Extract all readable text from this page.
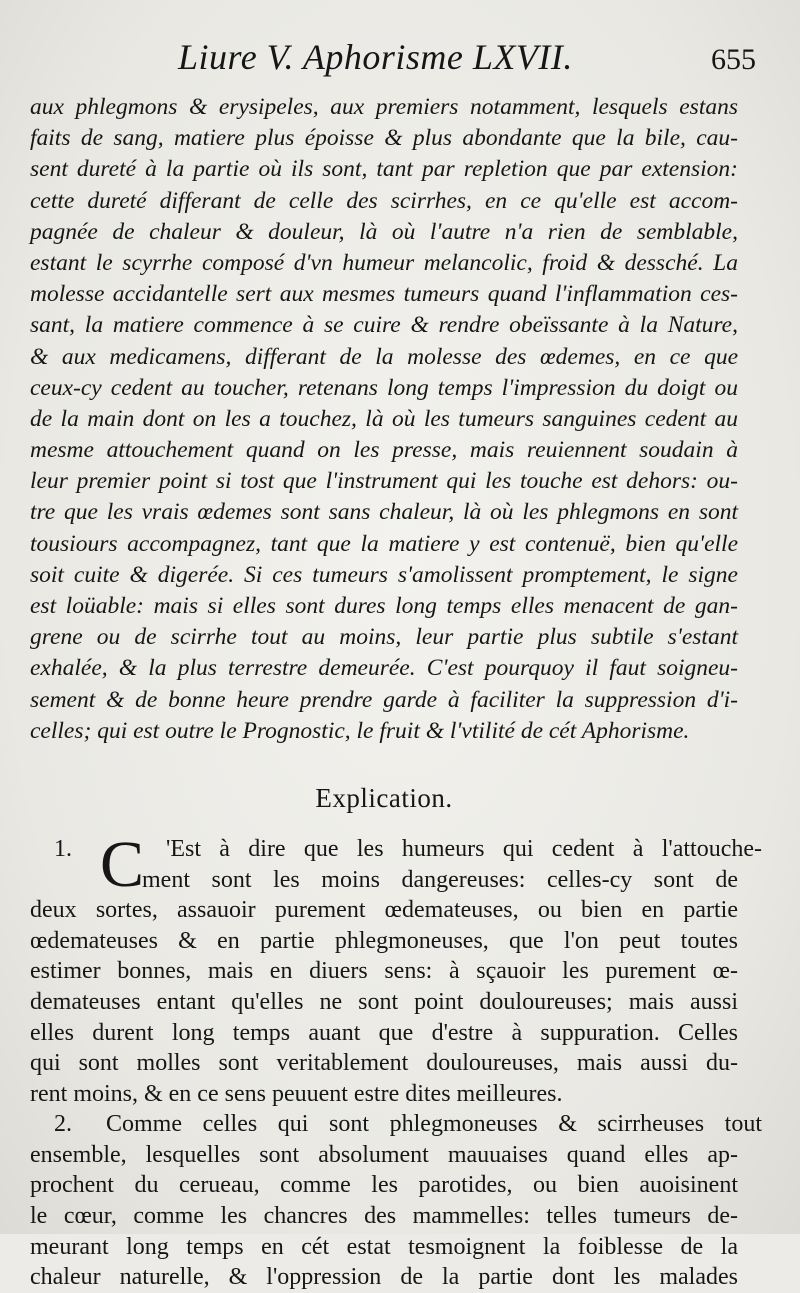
Liure V. Aphorisme LXVII.	655
aux phlegmons & erysipeles, aux premiers notamment, lesquels estans
faits de sang, matiere plus époisse & plus abondante que la bile, cau-
sent dureté à la partie où ils sont, tant par repletion que par extension:
cette dureté differant de celle des scirrhes, en ce qu'elle est accom-
pagnée de chaleur & douleur, là où l'autre n'a rien de semblable,
estant le scyrrhe composé d'vn humeur melancolic, froid & dessché. La
molesse accidantelle sert aux mesmes tumeurs quand l'inflammation ces-
sant, la matiere commence à se cuire & rendre obeïssante à la Nature,
& aux medicamens, differant de la molesse des œdemes, en ce que
ceux-cy cedent au toucher, retenans long temps l'impression du doigt ou
de la main dont on les a touchez, là où les tumeurs sanguines cedent au
mesme attouchement quand on les presse, mais reuiennent soudain à
leur premier point si tost que l'instrument qui les touche est dehors: ou-
tre que les vrais œdemes sont sans chaleur, là où les phlegmons en sont
tousiours accompagnez, tant que la matiere y est contenuë, bien qu'elle
soit cuite & digerée. Si ces tumeurs s'amolissent promptement, le signe
est loüable: mais si elles sont dures long temps elles menacent de gan-
grene ou de scirrhe tout au moins, leur partie plus subtile s'estant
exhalée, & la plus terrestre demeurée. C'est pourquoy il faut soigneu-
sement & de bonne heure prendre garde à faciliter la suppression d'i-
celles; qui est outre le Prognostic, le fruit & l'vtilité de cét Aphorisme.
Explication.
C
1.	'Est à dire que les humeurs qui cedent à l'attouche-
ment sont les moins dangereuses: celles-cy sont de
deux sortes, assauoir purement œdemateuses, ou bien en partie
œdemateuses & en partie phlegmoneuses, que l'on peut toutes
estimer bonnes, mais en diuers sens: à sçauoir les purement œ-
demateuses entant qu'elles ne sont point douloureuses; mais aussi
elles durent long temps auant que d'estre à suppuration. Celles
qui sont molles sont veritablement douloureuses, mais aussi du-
rent moins, & en ce sens peuuent estre dites meilleures.
2. Comme celles qui sont phlegmoneuses & scirrheuses tout
ensemble, lesquelles sont absolument mauuaises quand elles ap-
prochent du cerueau, comme les parotides, ou bien auoisinent
le cœur, comme les chancres des mammelles: telles tumeurs de-
meurant long temps en cét estat tesmoignent la foiblesse de la
chaleur naturelle, & l'oppression de la partie dont les malades
